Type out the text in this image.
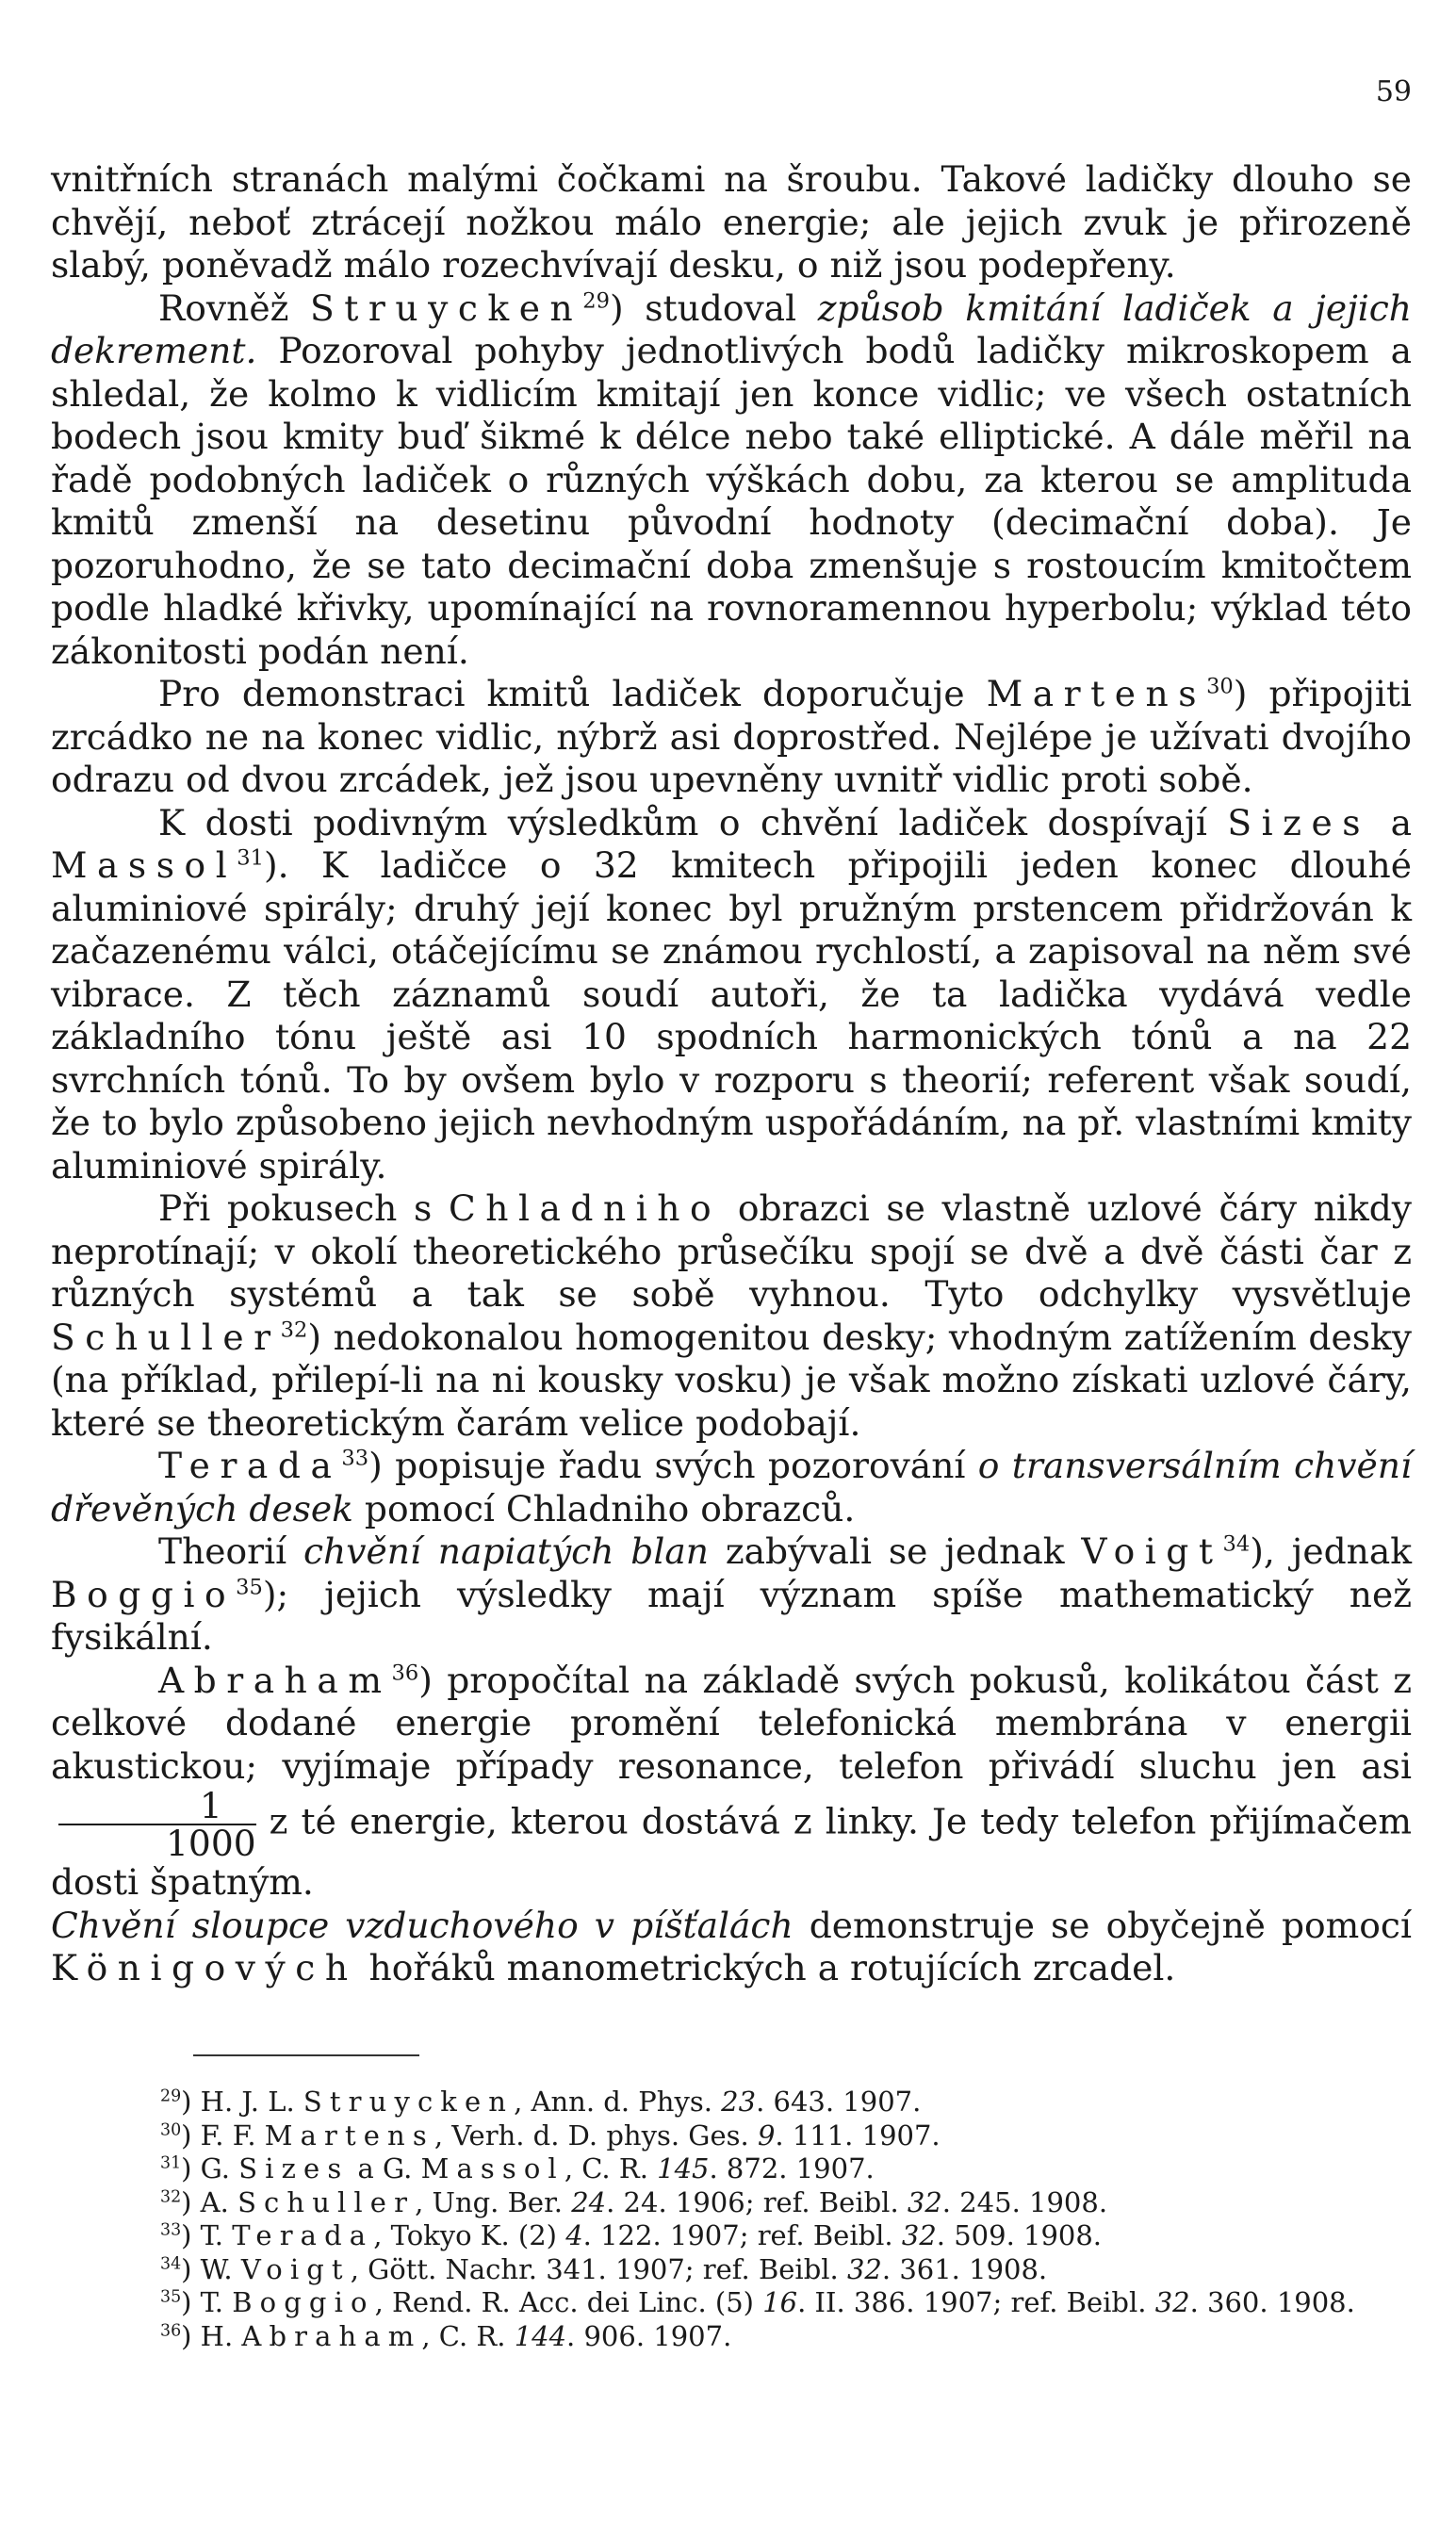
59

vnitřních stranách malými čočkami na šroubu. Takové ladičky dlouho se chvějí, neboť ztrácejí nožkou málo energie; ale jejich zvuk je přirozeně slabý, poněvadž málo rozechvívají desku, o niž jsou podepřeny.

Rovněž Struycken$^{29}$) studoval způsob kmitání ladiček a jejich dekrement. Pozoroval pohyby jednotlivých bodů ladičky mikroskopem a shledal, že kolmo k vidlicím kmitají jen konce vidlic; ve všech ostatních bodech jsou kmity buď šikmé k délce nebo také elliptické. A dále měřil na řadě podobných ladiček o různých výškách dobu, za kterou se amplituda kmitů zmenší na desetinu původní hodnoty (decimační doba). Je pozoruhodno, že se tato decimační doba zmenšuje s rostoucím kmitočtem podle hladké křivky, upomínající na rovnoramennou hyperbolu; výklad této zákonitosti podán není.

Pro demonstraci kmitů ladiček doporučuje Martens$^{30}$) připojiti zrcádko ne na konec vidlic, nýbrž asi doprostřed. Nejlépe je užívati dvojího odrazu od dvou zrcádek, jež jsou upevněny uvnitř vidlic proti sobě.

K dosti podivným výsledkům o chvění ladiček dospívají Sizes a Massol$^{31}$). K ladičce o 32 kmitech připojili jeden konec dlouhé aluminiové spirály; druhý její konec byl pružným prstencem přidržován k začazenému válci, otáčejícímu se známou rychlostí, a zapisoval na něm své vibrace. Z těch záznamů soudí autoři, že ta ladička vydává vedle základního tónu ještě asi 10 spodních harmonických tónů a na 22 svrchních tónů. To by ovšem bylo v rozporu s theorií; referent však soudí, že to bylo způsobeno jejich nevhodným uspořádáním, na př. vlastními kmity aluminiové spirály.

Při pokusech s Chladniho obrazci se vlastně uzlové čáry nikdy neprotínají; v okolí theoretického průsečíku spojí se dvě a dvě části čar z různých systémů a tak se sobě vyhnou. Tyto odchylky vysvětluje Schuller$^{32}$) nedokonalou homogenitou desky; vhodným zatížením desky (na příklad, přilepí-li na ni kousky vosku) je však možno získati uzlové čáry, které se theoretickým čarám velice podobají.

Terada$^{33}$) popisuje řadu svých pozorování o transversálním chvění dřevěných desek pomocí Chladniho obrazců.

Theorií chvění napiatých blan zabývali se jednak Voigt$^{34}$), jednak Boggio$^{35}$); jejich výsledky mají význam spíše mathematický než fysikální.

Abraham$^{36}$) propočítal na základě svých pokusů, kolikátou část z celkové dodané energie promění telefonická membrána v energii akustickou; vyjímaje případy resonance, telefon přivádí sluchu jen asi
$\frac{1}{1000}$ z té energie, kterou dostává z linky. Je tedy telefon přijímačem dosti špatným.

Chvění sloupce vzduchového v píšťalách demonstruje se obyčejně pomocí Königových hořáků manometrických a rotujících zrcadel.

$^{29}$) H. J. L. Struycken, Ann. d. Phys. 23. 643. 1907.

$^{30}$) F. F. Martens, Verh. d. D. phys. Ges. 9. 111. 1907.

$^{31}$) G. Sizes a G. Massol, C. R. 145. 872. 1907.

$^{32}$) A. Schuller, Ung. Ber. 24. 24. 1906; ref. Beibl. 32. 245. 1908.

$^{33}$) T. Terada, Tokyo K. (2) 4. 122. 1907; ref. Beibl. 32. 509. 1908.

$^{34}$) W. Voigt, Gött. Nachr. 341. 1907; ref. Beibl. 32. 361. 1908.

$^{35}$) T. Boggio, Rend. R. Acc. dei Linc. (5) 16. II. 386. 1907; ref. Beibl. 32. 360. 1908.

$^{36}$) H. Abraham, C. R. 144. 906. 1907.
